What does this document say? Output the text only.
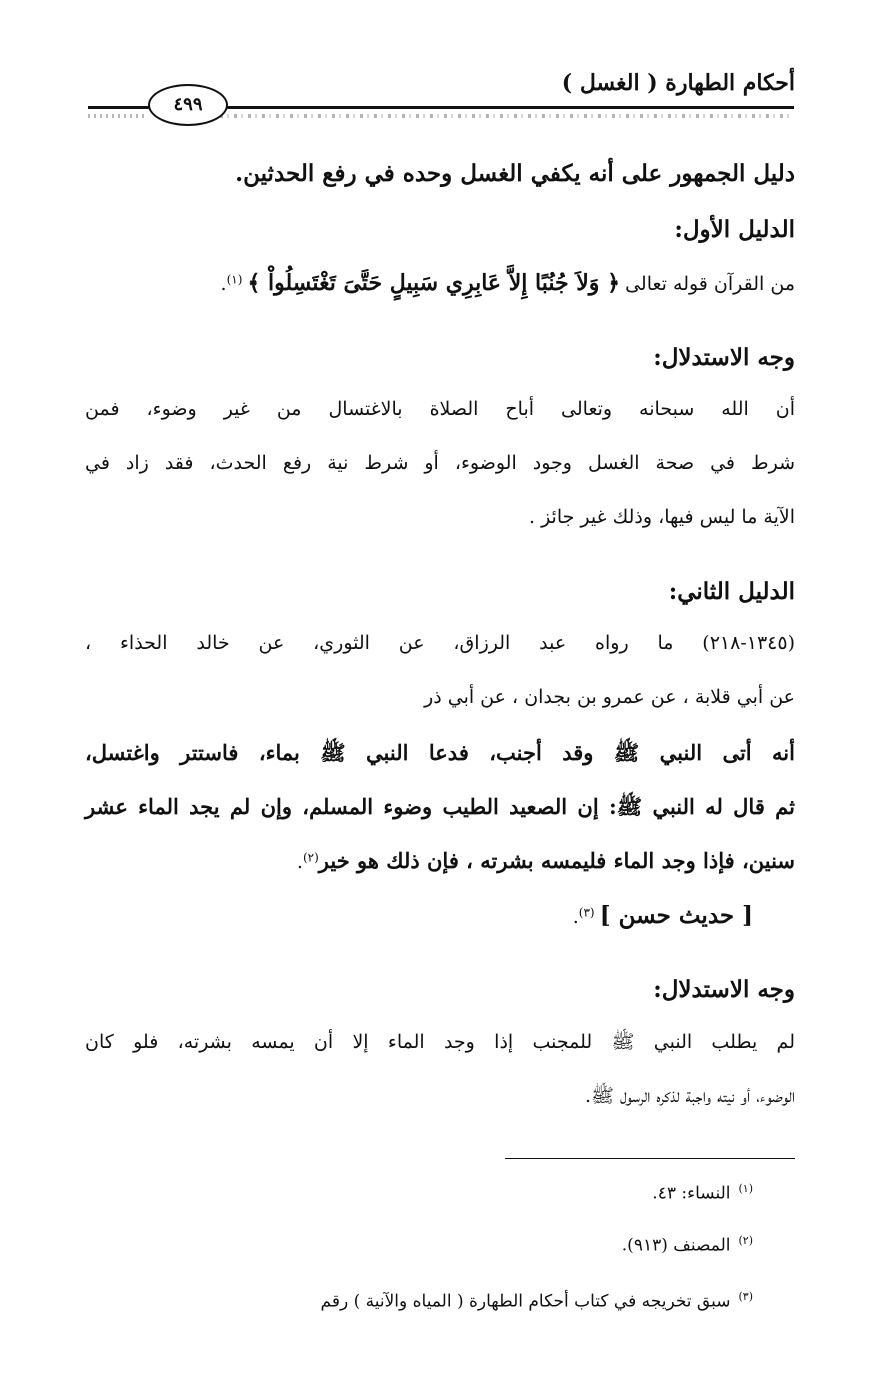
أحكام الطهارة ( الغسل )
٤٩٩
دليل الجمهور على أنه يكفي الغسل وحده في رفع الحدثين.
الدليل الأول:
من القرآن قوله تعالى ﴿ وَلاَ جُنُبًا إِلاَّ عَابِرِي سَبِيلٍ حَتَّىَ تَغْتَسِلُواْ ﴾ $^{(١)}$.
وجه الاستدلال:
أن الله سبحانه وتعالى أباح الصلاة بالاغتسال من غير وضوء، فمن
شرط في صحة الغسل وجود الوضوء، أو شرط نية رفع الحدث، فقد زاد في
الآية ما ليس فيها، وذلك غير جائز .
الدليل الثاني:
(١٣٤٥-٢١٨) ما رواه عبد الرزاق، عن الثوري، عن خالد الحذاء ،
عن أبي قلابة ، عن عمرو بن بجدان ، عن أبي ذر
أنه أتى النبي ﷺ وقد أجنب، فدعا النبي ﷺ بماء، فاستتر واغتسل،
ثم قال له النبي ﷺ: إن الصعيد الطيب وضوء المسلم، وإن لم يجد الماء عشر
سنين، فإذا وجد الماء فليمسه بشرته ، فإن ذلك هو خير$^{(٢)}$.
[ حديث حسن ] $^{(٣)}$.
وجه الاستدلال:
لم يطلب النبي ﷺ للمجنب إذا وجد الماء إلا أن يمسه بشرته، فلو كان
الوضوء، أو نيته واجبة لذكره الرسول ﷺ.
$^{(١)}$النساء: ٤٣.
$^{(٢)}$المصنف (٩١٣).
$^{(٣)}$سبق تخريجه في كتاب أحكام الطهارة ( المياه والآنية ) رقم
